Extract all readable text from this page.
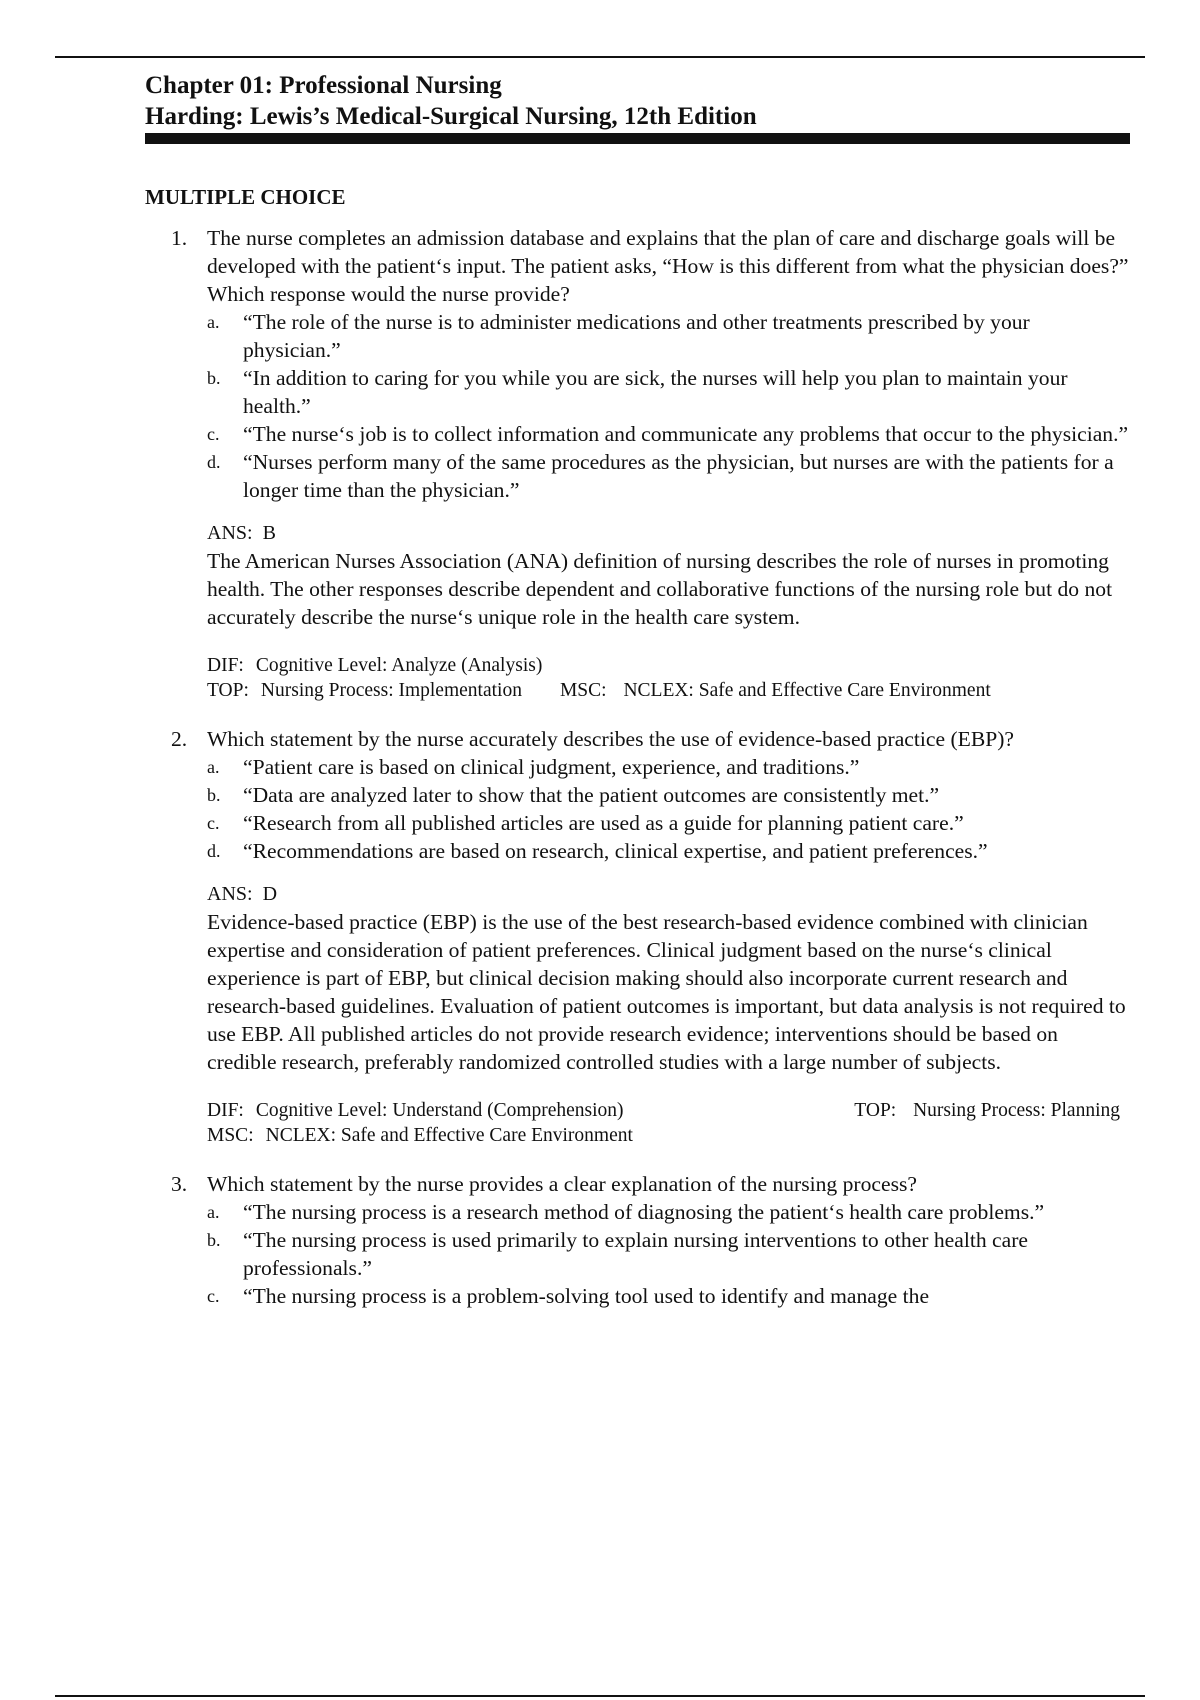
Chapter 01: Professional Nursing
Harding: Lewis’s Medical-Surgical Nursing, 12th Edition
MULTIPLE CHOICE
1. The nurse completes an admission database and explains that the plan of care and discharge goals will be developed with the patient‘s input. The patient asks, “How is this different from what the physician does?” Which response would the nurse provide?

a.	“The role of the nurse is to administer medications and other treatments prescribed by your physician.”
b.	“In addition to caring for you while you are sick, the nurses will help you plan to maintain your health.”
c.	“The nurse‘s job is to collect information and communicate any problems that occur to the physician.”
d.	“Nurses perform many of the same procedures as the physician, but nurses are with the patients for a longer time than the physician.”
ANS: B

The American Nurses Association (ANA) definition of nursing describes the role of nurses in promoting health. The other responses describe dependent and collaborative functions of the nursing role but do not accurately describe the nurse‘s unique role in the health care system.

DIF: Cognitive Level: Analyze (Analysis)
TOP: Nursing Process: Implementation MSC: NCLEX: Safe and Effective Care Environment
2. Which statement by the nurse accurately describes the use of evidence-based practice (EBP)?

a.	“Patient care is based on clinical judgment, experience, and traditions.”
b.	“Data are analyzed later to show that the patient outcomes are consistently met.”
c.	“Research from all published articles are used as a guide for planning patient care.”
d.	“Recommendations are based on research, clinical expertise, and patient preferences.”
ANS: D

Evidence-based practice (EBP) is the use of the best research-based evidence combined with clinician expertise and consideration of patient preferences. Clinical judgment based on the nurse‘s clinical experience is part of EBP, but clinical decision making should also incorporate current research and research-based guidelines. Evaluation of patient outcomes is important, but data analysis is not required to use EBP. All published articles do not provide research evidence; interventions should be based on credible research, preferably randomized controlled studies with a large number of subjects.

DIF: Cognitive Level: Understand (Comprehension)	TOP: Nursing Process: Planning
MSC: NCLEX: Safe and Effective Care Environment
3. Which statement by the nurse provides a clear explanation of the nursing process?

a.	“The nursing process is a research method of diagnosing the patient‘s health care problems.”
b.	“The nursing process is used primarily to explain nursing interventions to other health care professionals.”
c.	“The nursing process is a problem-solving tool used to identify and manage the
